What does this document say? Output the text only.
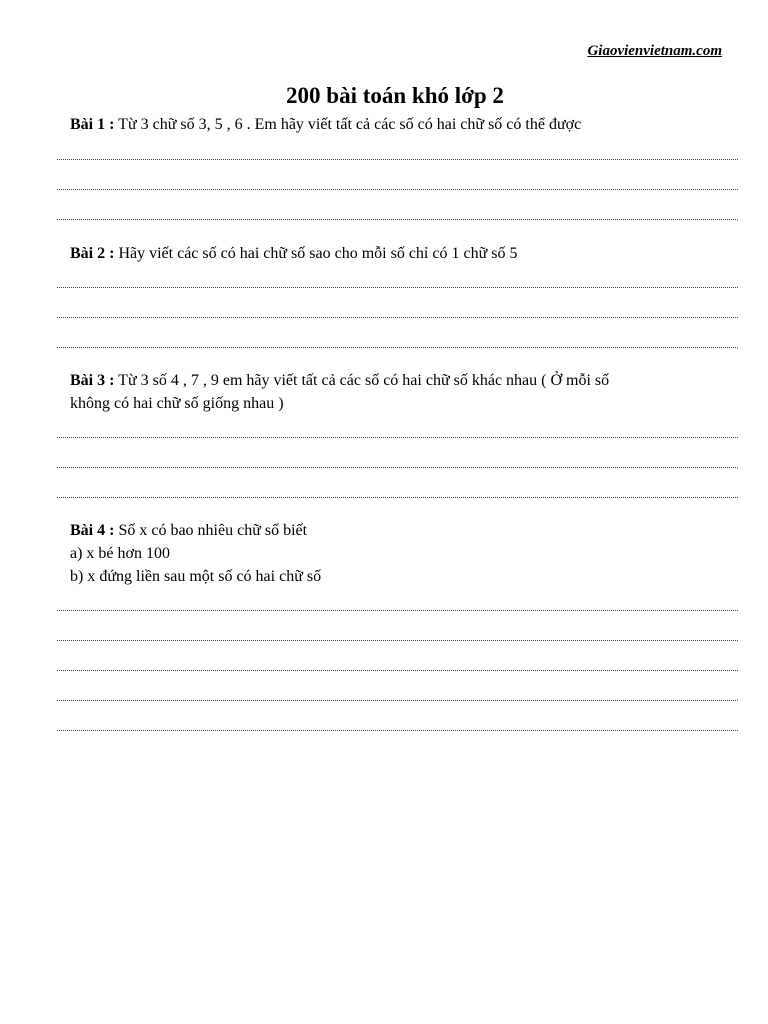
Giaovienvietnam.com
200 bài toán khó lớp 2
Bài 1 : Từ 3 chữ số 3, 5 , 6 . Em hãy viết tất cả các số có hai chữ số có thể được
Bài 2 : Hãy viết các số có hai chữ số sao cho mỗi số chỉ có 1 chữ số 5
Bài 3 : Từ 3 số 4 , 7 , 9 em hãy viết tất cả các số có hai chữ số khác nhau ( Ở mỗi số
không có hai chữ số giống nhau )
Bài 4 : Số x có bao nhiêu chữ số biết
a) x bé hơn 100
b) x đứng liền sau một số có hai chữ số
